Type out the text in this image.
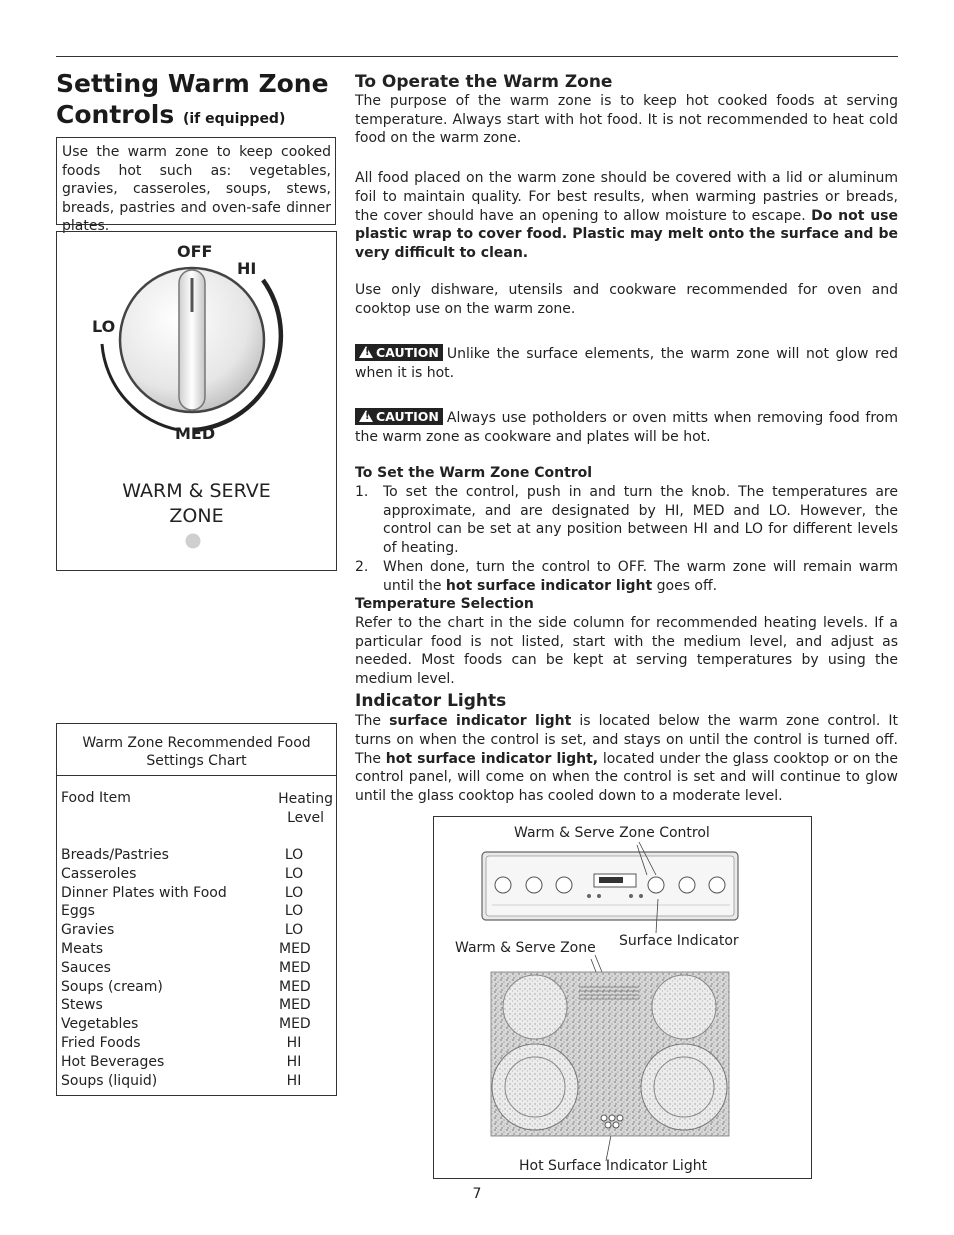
Setting Warm Zone Controls (if equipped)
Use the warm zone to keep cooked foods hot such as: vegetables, gravies, casseroles, soups, stews, breads, pastries and oven-safe dinner plates.
OFF
HI
LO
MED
WARM & SERVE
ZONE
Warm Zone Recommended Food Settings Chart
Food Item	Heating
Level
Breads/Pastries	LO
Casseroles	LO
Dinner Plates with Food	LO
Eggs	LO
Gravies	LO
Meats	MED
Sauces	MED
Soups (cream)	MED
Stews	MED
Vegetables	MED
Fried Foods	HI
Hot Beverages	HI
Soups (liquid)	HI
To Operate the Warm Zone
The purpose of the warm zone is to keep hot cooked foods at serving temperature. Always start with hot food. It is not recommended to heat cold food on the warm zone.
All food placed on the warm zone should be covered with a lid or aluminum foil to maintain quality. For best results, when warming pastries or breads, the cover should have an opening to allow moisture to escape. Do not use plastic wrap to cover food. Plastic may melt onto the surface and be very difficult to clean.
Use only dishware, utensils and cookware recommended for oven and cooktop use on the warm zone.
! CAUTION Unlike the surface elements, the warm zone will not glow red when it is hot.
! CAUTION Always use potholders or oven mitts when removing food from the warm zone as cookware and plates will be hot.
To Set the Warm Zone Control
1. To set the control, push in and turn the knob. The temperatures are approximate, and are designated by HI, MED and LO. However, the control can be set at any position between HI and LO for different levels of heating.
2. When done, turn the control to OFF. The warm zone will remain warm until the hot surface indicator light goes off.
Temperature Selection
Refer to the chart in the side column for recommended heating levels. If a particular food is not listed, start with the medium level, and adjust as needed. Most foods can be kept at serving temperatures by using the medium level.
Indicator Lights
The surface indicator light is located below the warm zone control. It turns on when the control is set, and stays on until the control is turned off. The hot surface indicator light, located under the glass cooktop or on the control panel, will come on when the control is set and will continue to glow until the glass cooktop has cooled down to a moderate level.
Warm & Serve Zone Control
Surface Indicator
Warm & Serve Zone
Hot Surface Indicator Light
7
